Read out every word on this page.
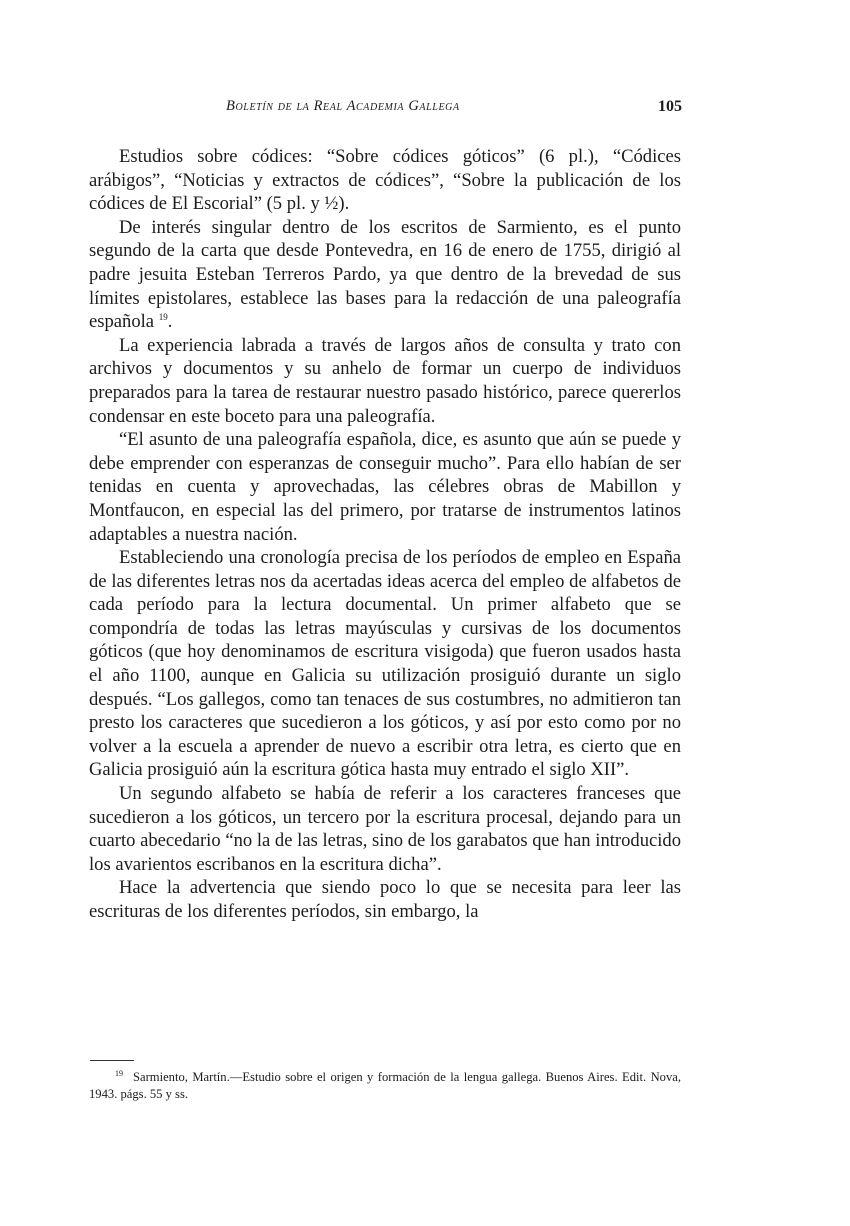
Boletín de la Real Academia Gallega	105

Estudios sobre códices: “Sobre códices góticos” (6 pl.), “Códices arábigos”, “Noticias y extractos de códices”, “Sobre la publicación de los códices de El Escorial” (5 pl. y ½).

De interés singular dentro de los escritos de Sarmiento, es el punto segundo de la carta que desde Pontevedra, en 16 de enero de 1755, dirigió al padre jesuita Esteban Terreros Pardo, ya que dentro de la brevedad de sus límites epistolares, establece las bases para la redacción de una paleografía española $^{19}$.

La experiencia labrada a través de largos años de consulta y trato con archivos y documentos y su anhelo de formar un cuerpo de individuos preparados para la tarea de restaurar nuestro pasado histórico, parece quererlos condensar en este boceto para una paleografía.

“El asunto de una paleografía española, dice, es asunto que aún se puede y debe emprender con esperanzas de conseguir mucho”. Para ello habían de ser tenidas en cuenta y aprovechadas, las célebres obras de Mabillon y Montfaucon, en especial las del primero, por tratarse de instrumentos latinos adaptables a nuestra nación.

Estableciendo una cronología precisa de los períodos de empleo en España de las diferentes letras nos da acertadas ideas acerca del empleo de alfabetos de cada período para la lectura documental. Un primer alfabeto que se compondría de todas las letras mayúsculas y cursivas de los documentos góticos (que hoy denominamos de escritura visigoda) que fueron usados hasta el año 1100, aunque en Galicia su utilización prosiguió durante un siglo después. “Los gallegos, como tan tenaces de sus costumbres, no admitieron tan presto los caracteres que sucedieron a los góticos, y así por esto como por no volver a la escuela a aprender de nuevo a escribir otra letra, es cierto que en Galicia prosiguió aún la escritura gótica hasta muy entrado el siglo XII”.

Un segundo alfabeto se había de referir a los caracteres franceses que sucedieron a los góticos, un tercero por la escritura procesal, dejando para un cuarto abecedario “no la de las letras, sino de los garabatos que han introducido los avarientos escribanos en la escritura dicha”.

Hace la advertencia que siendo poco lo que se necesita para leer las escrituras de los diferentes períodos, sin embargo, la

$^{19}$ Sarmiento, Martín.—Estudio sobre el origen y formación de la lengua gallega. Buenos Aires. Edit. Nova, 1943. págs. 55 y ss.
